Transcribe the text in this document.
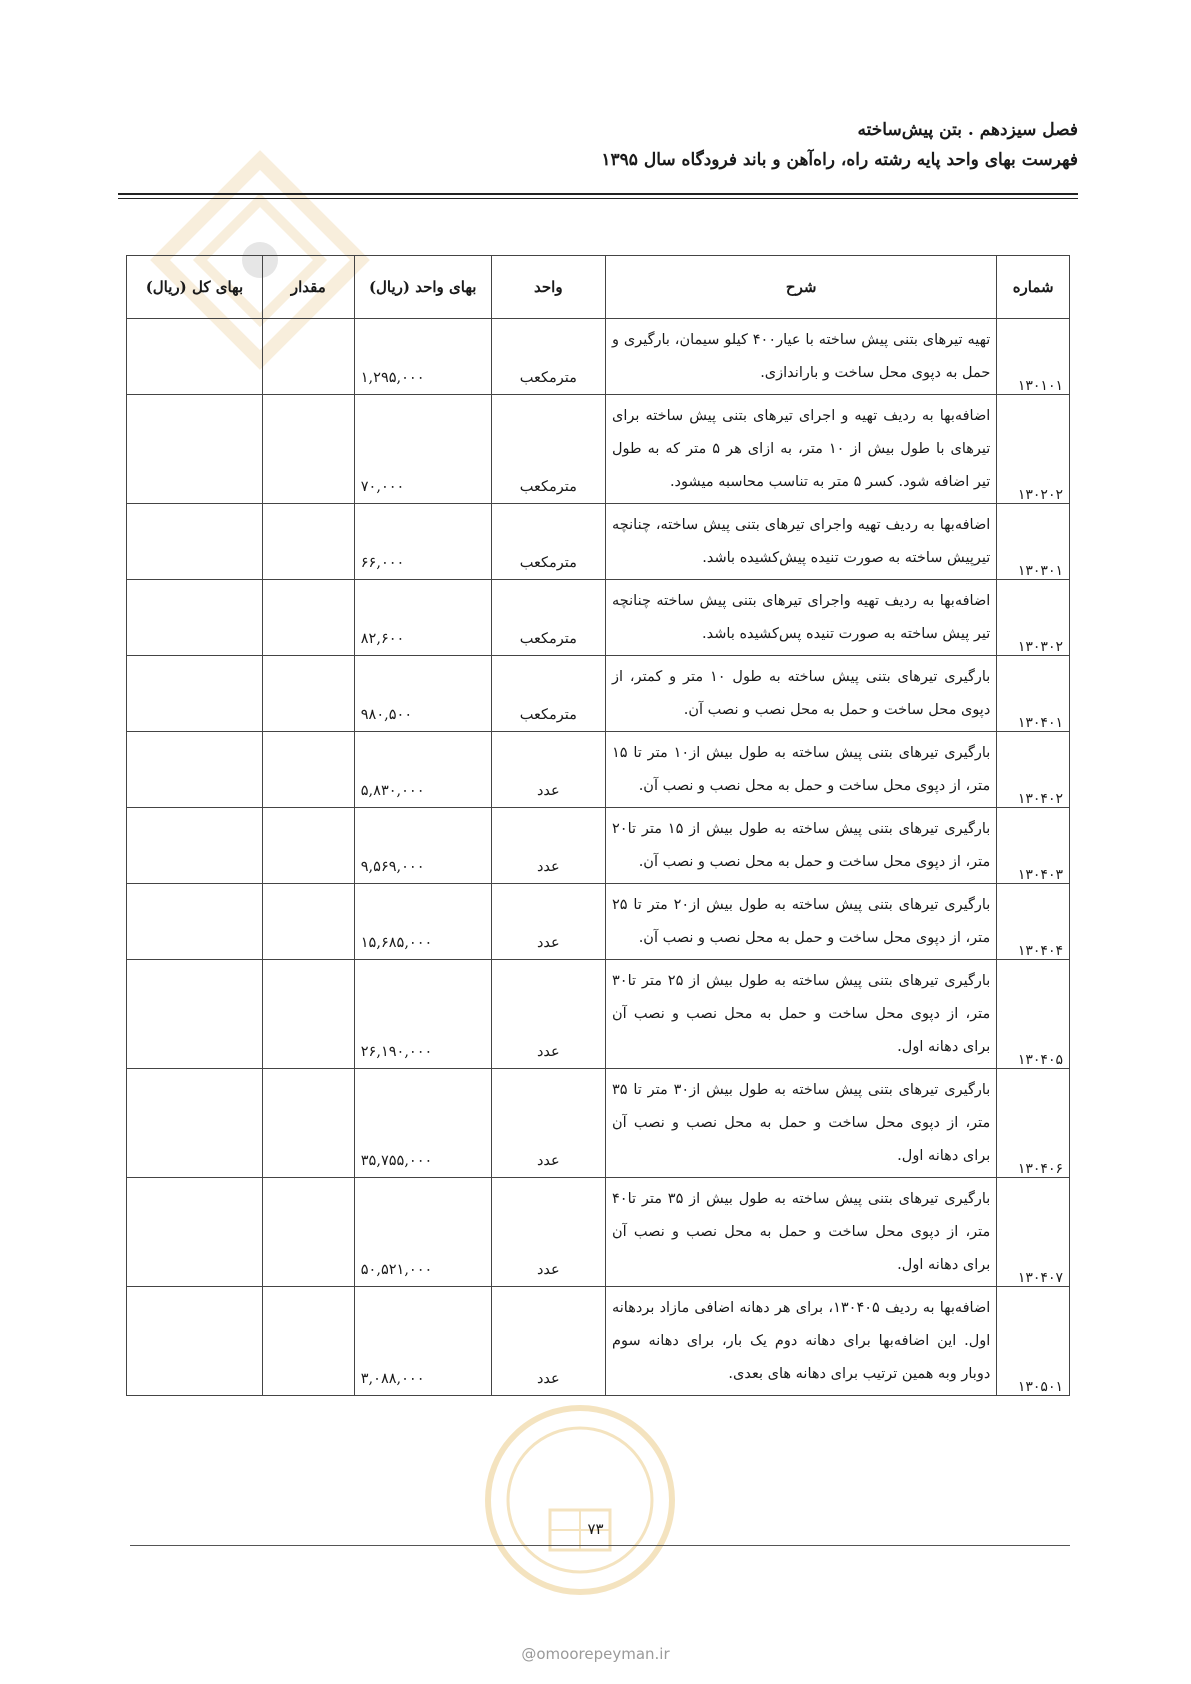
فصل سیزدهم . بتن پیش‌ساخته
فهرست بهای واحد پایه رشته راه، راه‌آهن و باند فرودگاه سال ۱۳۹۵
شماره	شرح	واحد	بهای واحد (ریال)	مقدار	بهای کل (ریال)
۱۳۰۱۰۱	تهیه تیرهای بتنی پیش ساخته با عیار۴۰۰ کیلو سیمان، بارگیری و حمل به دپوی محل ساخت و باراندازی.	مترمکعب	۱,۲۹۵,۰۰۰		
۱۳۰۲۰۲	اضافه‌بها به ردیف تهیه و اجرای تیرهای بتنی پیش ساخته برای تیرهای با طول بیش از ۱۰ متر، به ازای هر ۵ متر که به طول تیر اضافه شود. کسر ۵ متر به تناسب محاسبه میشود.	مترمکعب	۷۰,۰۰۰		
۱۳۰۳۰۱	اضافه‌بها به ردیف تهیه واجرای تیرهای بتنی پیش ساخته، چنانچه تیرپیش ساخته به صورت تنیده پیش‌کشیده باشد.	مترمکعب	۶۶,۰۰۰		
۱۳۰۳۰۲	اضافه‌بها به ردیف تهیه واجرای تیرهای بتنی پیش ساخته چنانچه تیر پیش ساخته به صورت تنیده پس‌کشیده باشد.	مترمکعب	۸۲,۶۰۰		
۱۳۰۴۰۱	بارگیری تیرهای بتنی پیش ساخته به طول ۱۰ متر و کمتر، از دپوی محل ساخت و حمل به محل نصب و نصب آن.	مترمکعب	۹۸۰,۵۰۰		
۱۳۰۴۰۲	بارگیری تیرهای بتنی پیش ساخته به طول بیش از۱۰ متر تا ۱۵ متر، از دپوی محل ساخت و حمل به محل نصب و نصب آن.	عدد	۵,۸۳۰,۰۰۰		
۱۳۰۴۰۳	بارگیری تیرهای بتنی پیش ساخته به طول بیش از ۱۵ متر تا۲۰ متر، از دپوی محل ساخت و حمل به محل نصب و نصب آن.	عدد	۹,۵۶۹,۰۰۰		
۱۳۰۴۰۴	بارگیری تیرهای بتنی پیش ساخته به طول بیش از۲۰ متر تا ۲۵ متر، از دپوی محل ساخت و حمل به محل نصب و نصب آن.	عدد	۱۵,۶۸۵,۰۰۰		
۱۳۰۴۰۵	بارگیری تیرهای بتنی پیش ساخته به طول بیش از ۲۵ متر تا۳۰ متر، از دپوی محل ساخت و حمل به محل نصب و نصب آن برای دهانه اول.	عدد	۲۶,۱۹۰,۰۰۰		
۱۳۰۴۰۶	بارگیری تیرهای بتنی پیش ساخته به طول بیش از۳۰ متر تا ۳۵ متر، از دپوی محل ساخت و حمل به محل نصب و نصب آن برای دهانه اول.	عدد	۳۵,۷۵۵,۰۰۰		
۱۳۰۴۰۷	بارگیری تیرهای بتنی پیش ساخته به طول بیش از ۳۵ متر تا۴۰ متر، از دپوی محل ساخت و حمل به محل نصب و نصب آن برای دهانه اول.	عدد	۵۰,۵۲۱,۰۰۰		
۱۳۰۵۰۱	اضافه‌بها به ردیف ۱۳۰۴۰۵، برای هر دهانه اضافی مازاد بردهانه اول. این اضافه‌بها برای دهانه دوم یک بار، برای دهانه سوم دوبار وبه همین ترتیب برای دهانه های بعدی.	عدد	۳,۰۸۸,۰۰۰		
۷۳
@omoorepeyman.ir
